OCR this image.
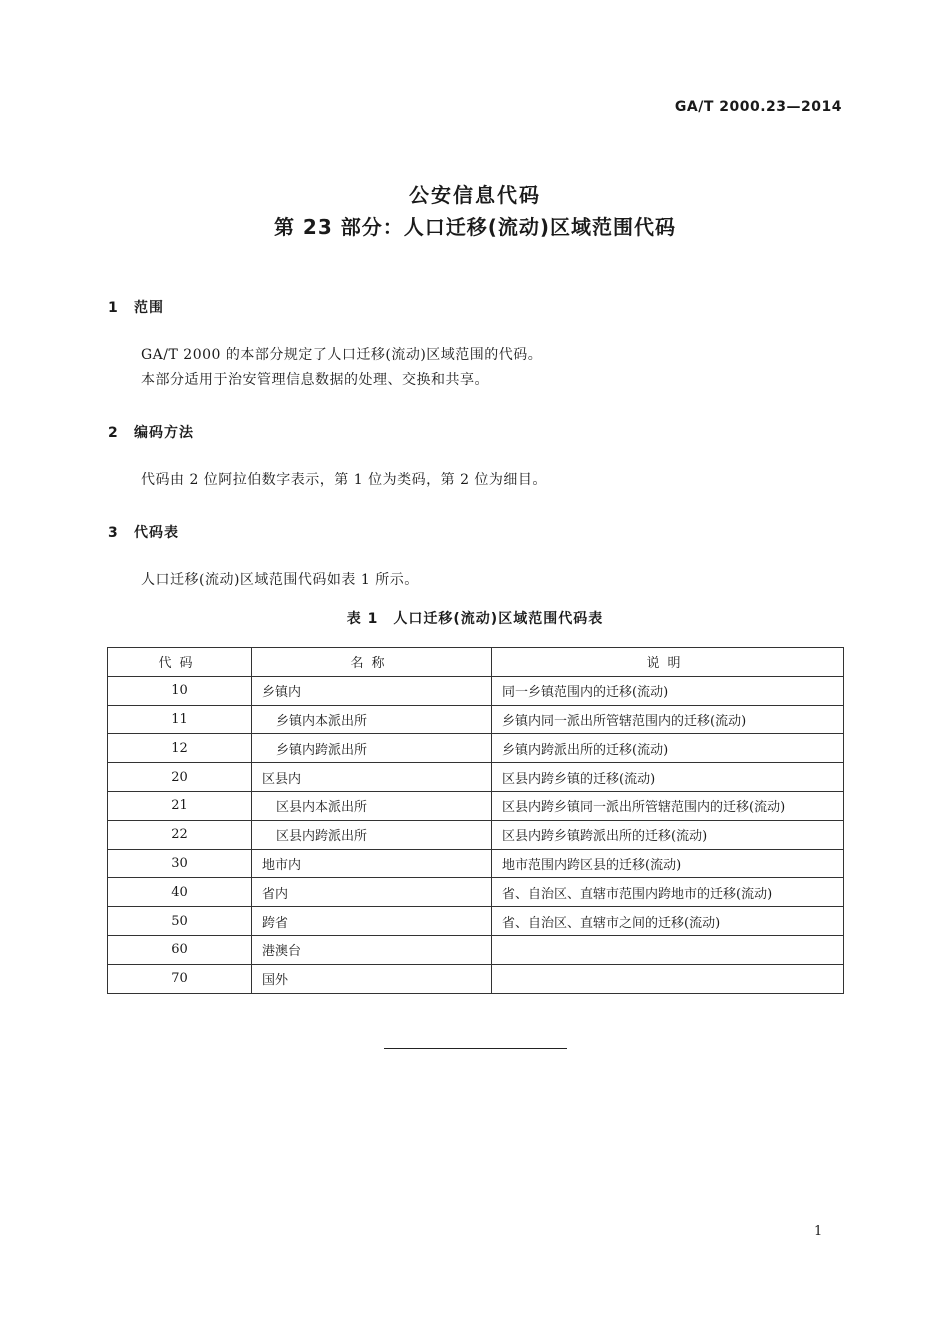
GA/T 2000.23—2014
公安信息代码
第 23 部分：人口迁移(流动)区域范围代码
1 范围
GA/T 2000 的本部分规定了人口迁移(流动)区域范围的代码。
本部分适用于治安管理信息数据的处理、交换和共享。
2 编码方法
代码由 2 位阿拉伯数字表示，第 1 位为类码，第 2 位为细目。
3 代码表
人口迁移(流动)区域范围代码如表 1 所示。
表 1　人口迁移(流动)区域范围代码表
代码	名称	说明
10	乡镇内	同一乡镇范围内的迁移(流动)
11	乡镇内本派出所	乡镇内同一派出所管辖范围内的迁移(流动)
12	乡镇内跨派出所	乡镇内跨派出所的迁移(流动)
20	区县内	区县内跨乡镇的迁移(流动)
21	区县内本派出所	区县内跨乡镇同一派出所管辖范围内的迁移(流动)
22	区县内跨派出所	区县内跨乡镇跨派出所的迁移(流动)
30	地市内	地市范围内跨区县的迁移(流动)
40	省内	省、自治区、直辖市范围内跨地市的迁移(流动)
50	跨省	省、自治区、直辖市之间的迁移(流动)
60	港澳台	
70	国外	
1
